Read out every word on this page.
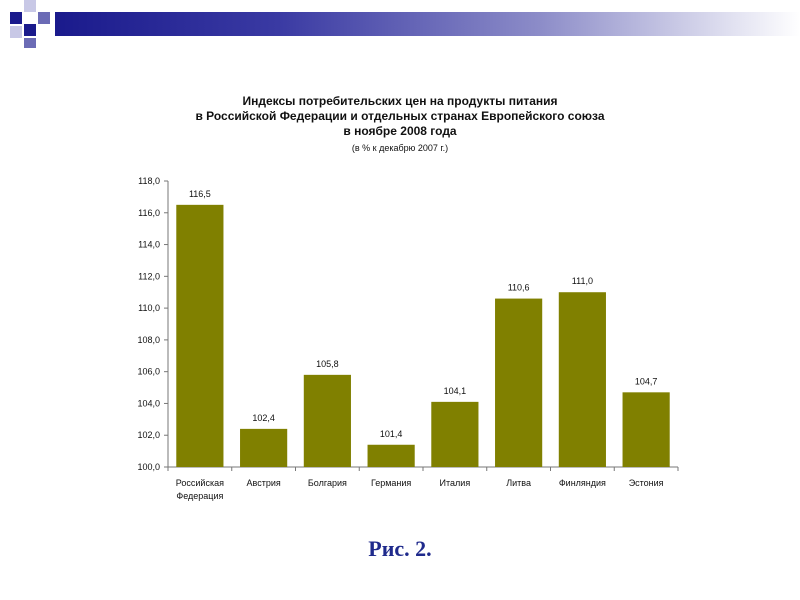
Индексы потребительских цен на продукты питания
в Российской Федерации и отдельных странах Европейского союза
в ноябре 2008 года
(в % к декабрю 2007 г.)
100,0
102,0
104,0
106,0
108,0
110,0
112,0
114,0
116,0
118,0
116,5
Российская
Федерация
102,4
Австрия
105,8
Болгария
101,4
Германия
104,1
Италия
110,6
Литва
111,0
Финляндия
104,7
Эстония
Рис. 2.
